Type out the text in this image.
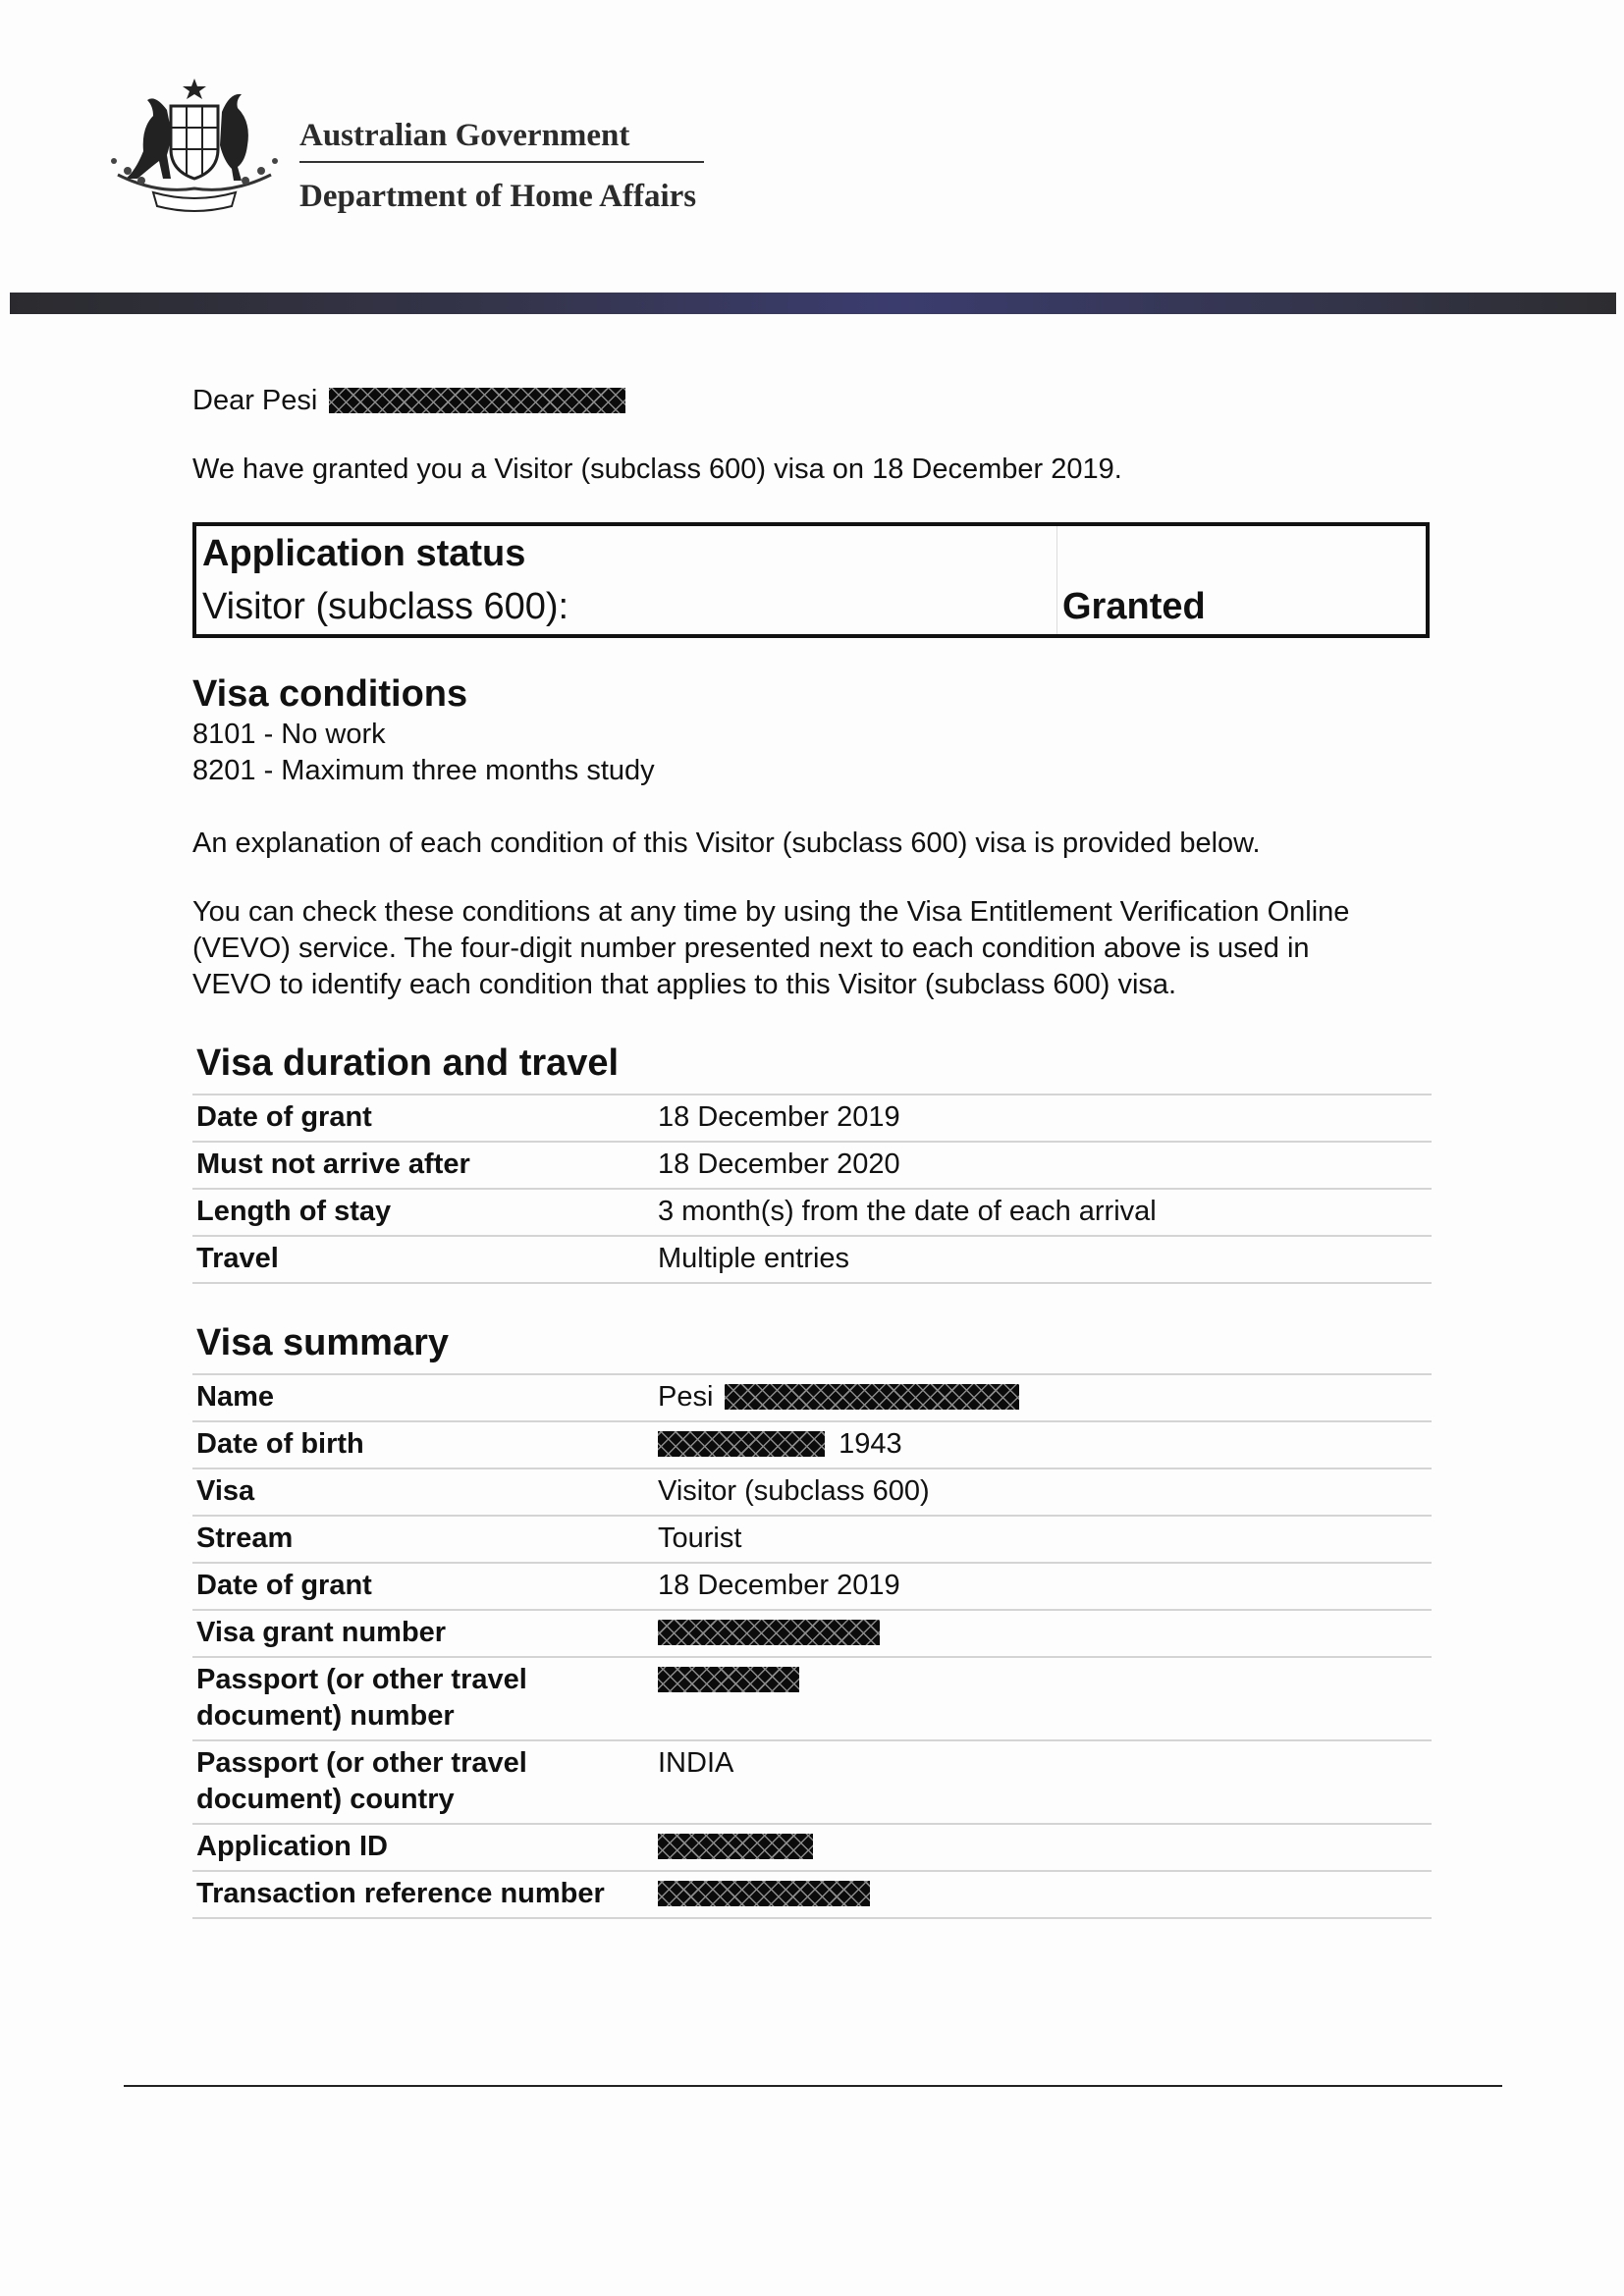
Australian Government
Department of Home Affairs

Dear Pesi

We have granted you a Visitor (subclass 600) visa on 18 December 2019.

Application status
Visitor (subclass 600):	Granted
Visa conditions
8101 - No work
8201 - Maximum three months study
An explanation of each condition of this Visitor (subclass 600) visa is provided below.
You can check these conditions at any time by using the Visa Entitlement Verification Online
(VEVO) service. The four-digit number presented next to each condition above is used in
VEVO to identify each condition that applies to this Visitor (subclass 600) visa.
Visa duration and travel
Date of grant	18 December 2019
Must not arrive after	18 December 2020
Length of stay	3 month(s) from the date of each arrival
Travel	Multiple entries
Visa summary
Name	Pesi
Date of birth	1943
Visa	Visitor (subclass 600)
Stream	Tourist
Date of grant	18 December 2019
Visa grant number	
Passport (or other travel
document) number	
Passport (or other travel
document) country	INDIA
Application ID	
Transaction reference number	
